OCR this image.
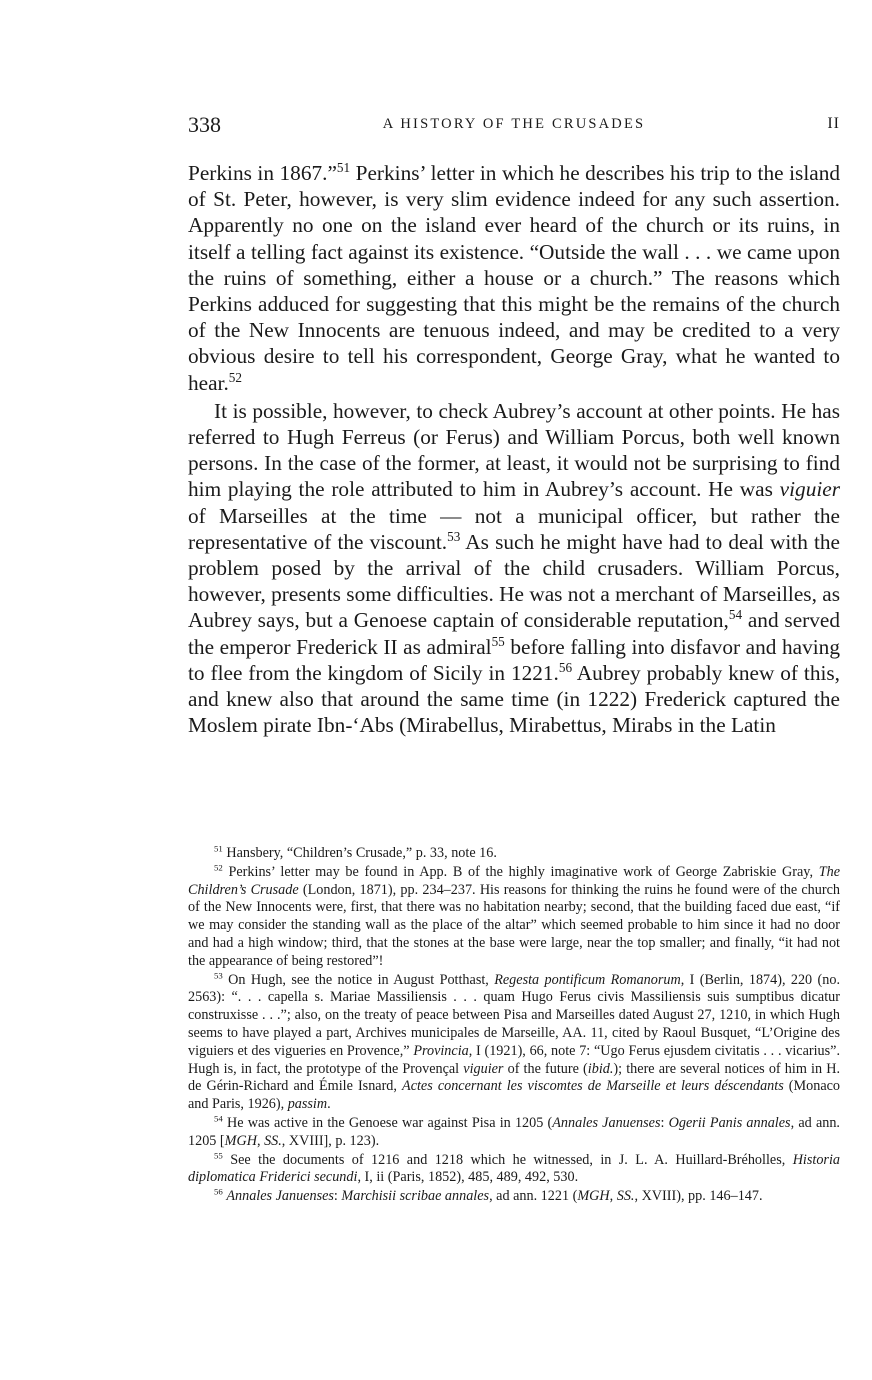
338	A HISTORY OF THE CRUSADES	II

Perkins in 1867.”$^{51}$ Perkins’ letter in which he describes his trip to the island of St. Peter, however, is very slim evidence indeed for any such assertion. Apparently no one on the island ever heard of the church or its ruins, in itself a telling fact against its existence. “Outside the wall . . . we came upon the ruins of something, either a house or a church.” The reasons which Perkins adduced for suggesting that this might be the remains of the church of the New Innocents are tenuous indeed, and may be credited to a very obvious desire to tell his correspondent, George Gray, what he wanted to hear.$^{52}$

It is possible, however, to check Aubrey’s account at other points. He has referred to Hugh Ferreus (or Ferus) and William Porcus, both well known persons. In the case of the former, at least, it would not be surprising to find him playing the role attributed to him in Aubrey’s account. He was viguier of Marseilles at the time — not a municipal officer, but rather the representative of the viscount.$^{53}$ As such he might have had to deal with the problem posed by the arrival of the child crusaders. William Porcus, however, presents some difficulties. He was not a merchant of Marseilles, as Aubrey says, but a Genoese captain of considerable reputation,$^{54}$ and served the emperor Frederick II as admiral$^{55}$ before falling into disfavor and having to flee from the kingdom of Sicily in 1221.56 Aubrey probably knew of this, and knew also that around the same time (in 1222) Frederick captured the Moslem pirate Ibn-‘Abs (Mirabellus, Mirabettus, Mirabs in the Latin

$^{51}$ Hansbery, “Children’s Crusade,” p. 33, note 16.

$^{52}$ Perkins’ letter may be found in App. B of the highly imaginative work of George Zabriskie Gray, The Children’s Crusade (London, 1871), pp. 234–237. His reasons for thinking the ruins he found were of the church of the New Innocents were, first, that there was no habitation nearby; second, that the building faced due east, “if we may consider the standing wall as the place of the altar” which seemed probable to him since it had no door and had a high window; third, that the stones at the base were large, near the top smaller; and finally, “it had not the appearance of being restored”!

$^{53}$ On Hugh, see the notice in August Potthast, Regesta pontificum Romanorum, I (Berlin, 1874), 220 (no. 2563): “. . . capella s. Mariae Massiliensis . . . quam Hugo Ferus civis Massiliensis suis sumptibus dicatur construxisse . . .”; also, on the treaty of peace between Pisa and Marseilles dated August 27, 1210, in which Hugh seems to have played a part, Archives municipales de Marseille, AA. 11, cited by Raoul Busquet, “L’Origine des viguiers et des vigueries en Provence,” Provincia, I (1921), 66, note 7: “Ugo Ferus ejusdem civitatis . . . vicarius”. Hugh is, in fact, the prototype of the Provençal viguier of the future (ibid.); there are several notices of him in H. de Gérin-Richard and Émile Isnard, Actes concernant les viscomtes de Marseille et leurs déscendants (Monaco and Paris, 1926), passim.

$^{54}$ He was active in the Genoese war against Pisa in 1205 (Annales Januenses: Ogerii Panis annales, ad ann. 1205 [MGH, SS., XVIII], p. 123).

$^{55}$ See the documents of 1216 and 1218 which he witnessed, in J. L. A. Huillard-Bréholles, Historia diplomatica Friderici secundi, I, ii (Paris, 1852), 485, 489, 492, 530.

$^{56}$ Annales Januenses: Marchisii scribae annales, ad ann. 1221 (MGH, SS., XVIII), pp. 146–147.
